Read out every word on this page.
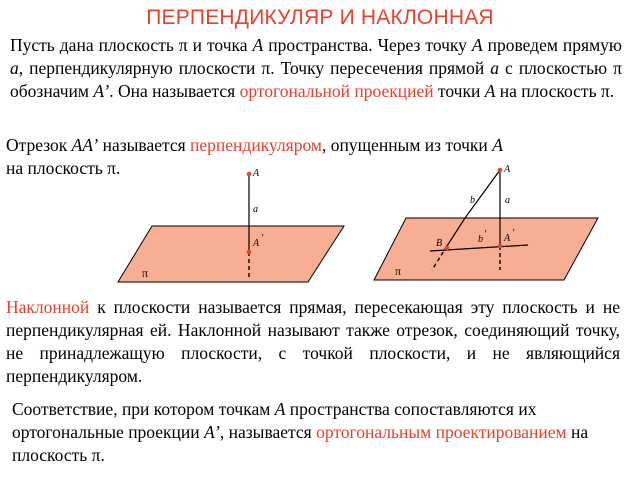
ПЕРПЕНДИКУЛЯР И НАКЛОННАЯ

Пусть дана плоскость π и точка A пространства. Через точку A проведем прямую a, перпендикулярную плоскости π. Точку пересечения прямой a с плоскостью π обозначим A’. Она называется ортогональной проекцией точки A на плоскость π.

Отрезок AA’ называется перпендикуляром, опущенным из точки A
на плоскость π.	A
a
A '
π
A
b	a
B	b ' A '
π

Наклонной к плоскости называется прямая, пересекающая эту плоскость и не перпендикулярная ей. Наклонной называют также отрезок, соединяющий точку, не принадлежащую плоскости, с точкой плоскости, и не являющийся перпендикуляром.

Соответствие, при котором точкам A пространства сопоставляются их ортогональные проекции A’, называется ортогональным проектированием на плоскость π.
